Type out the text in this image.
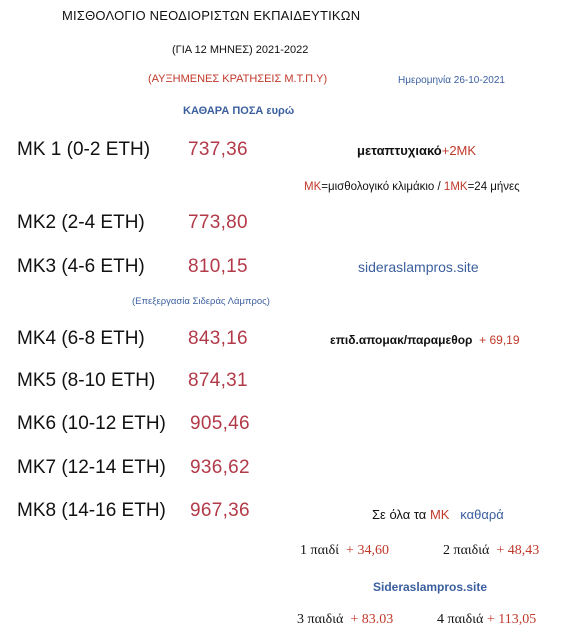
ΜΙΣΘΟΛΟΓΙΟ ΝΕΟΔΙΟΡΙΣΤΩΝ ΕΚΠΑΙΔΕΥΤΙΚΩΝ
(ΓΙΑ 12 ΜΗΝΕΣ) 2021-2022
(ΑΥΞΗΜΕΝΕΣ ΚΡΑΤΗΣΕΙΣ Μ.Τ.Π.Υ)	Ημερομηνία 26-10-2021
ΚΑΘΑΡΑ ΠΟΣΑ ευρώ
ΜΚ 1 (0-2 ΕΤΗ) 737,36
ΜΚ2 (2-4 ΕΤΗ) 773,80
ΜΚ3 (4-6 ΕΤΗ) 810,15
ΜΚ4 (6-8 ΕΤΗ) 843,16
ΜΚ5 (8-10 ΕΤΗ) 874,31
ΜΚ6 (10-12 ΕΤΗ) 905,46
ΜΚ7 (12-14 ΕΤΗ) 936,62
ΜΚ8 (14-16 ΕΤΗ) 967,36
μεταπτυχιακό+2ΜΚ
ΜΚ=μισθολογικό κλιμάκιο / 1ΜΚ=24 μήνες
sideraslampros.site
(Επεξεργασία Σιδεράς Λάμπρος)
επιδ.απομακ/παραμεθορ + 69,19
Σε όλα τα ΜΚ καθαρά
1 παιδί + 34,60	2 παιδιά + 48,43
Sideraslampros.site
3 παιδιά + 83.03	4 παιδιά + 113,05
